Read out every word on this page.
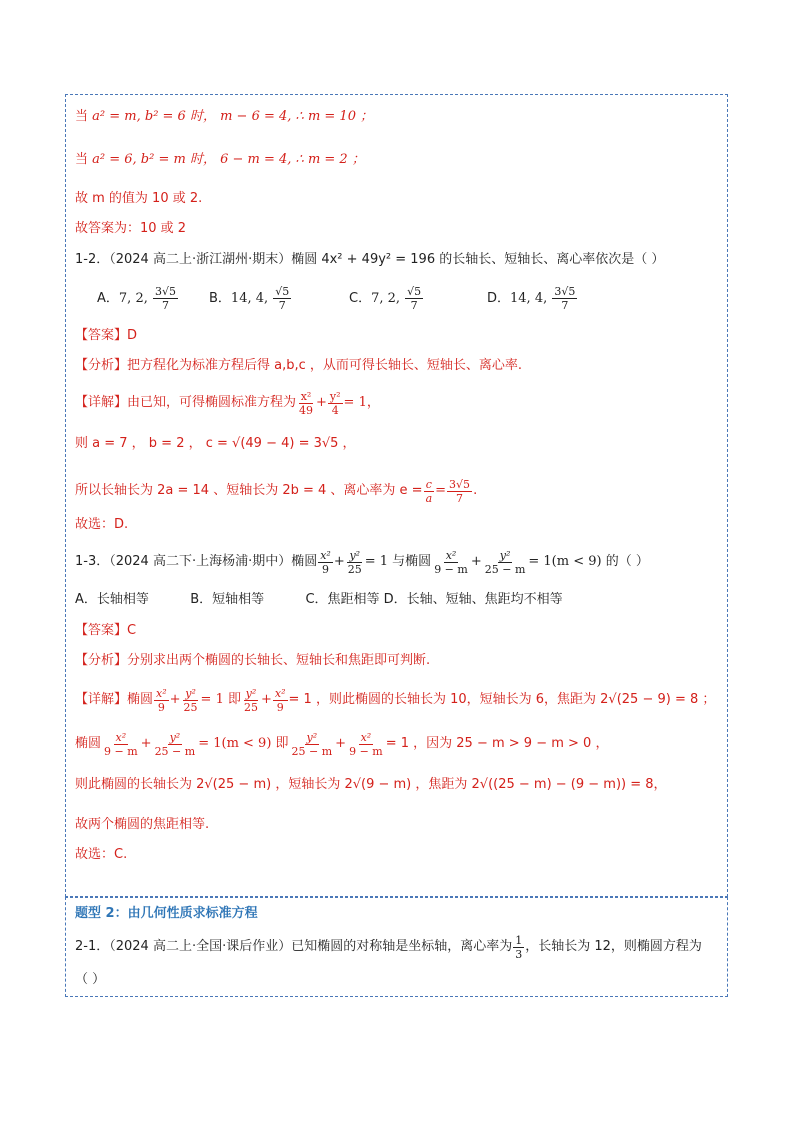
当 a² = m, b² = 6 时， m − 6 = 4, ∴ m = 10 ；
当 a² = 6, b² = m 时， 6 − m = 4, ∴ m = 2 ；
故 m 的值为 10 或 2.
故答案为：10 或 2
1-2．（2024 高二上·浙江湖州·期末）椭圆 4x² + 49y² = 196 的长轴长、短轴长、离心率依次是（ ）
A．7, 2, $\frac{3√5}{7}$ B．14, 4, $\frac{√5}{7}$	C．7, 2, $\frac{√5}{7}$	D．14, 4, $\frac{3√5}{7}$
【答案】D
【分析】把方程化为标准方程后得 a,b,c ，从而可得长轴长、短轴长、离心率.
【详解】由已知，可得椭圆标准方程为 $\frac{\text{x²}}{49} + \frac{\text{y²}}{4} = 1$，
则 a = 7 ， b = 2 ， c = √(49 − 4) = 3√5 ，
所以长轴长为 2a = 14 、短轴长为 2b = 4 、离心率为 $e = \frac{c}{a} = \frac{3√5}{7}$ .
故选：D.
1-3．（2024 高二下·上海杨浦·期中）椭圆 $\frac{\text{x²}}{9} + \frac{\text{y²}}{25} = 1$ 与椭圆 $\frac{\text{x²}}{9 - m} + \frac{\text{y²}}{25 - m} = 1(m < 9)$ 的（ ）
A．长轴相等          B．短轴相等          C．焦距相等 D．长轴、短轴、焦距均不相等
【答案】C
【分析】分别求出两个椭圆的长轴长、短轴长和焦距即可判断.
【详解】椭圆 $\frac{\text{x²}}{9} + \frac{\text{y²}}{25} = 1$ 即 $\frac{\text{y²}}{25} + \frac{\text{x²}}{9} = 1$ ，则此椭圆的长轴长为 10，短轴长为 6，焦距为 2√(25 − 9) = 8 ；
椭圆 $\frac{\text{x²}}{9 - m} + \frac{\text{y²}}{25 - m} = 1(m < 9)$ 即 $\frac{\text{y²}}{25 - m} + \frac{\text{x²}}{9 - m} = 1$ ，因为 25 − m > 9 − m > 0 ，
则此椭圆的长轴长为 2√(25 − m) ，短轴长为 2√(9 − m) ，焦距为 2√((25 − m) − (9 − m)) = 8，
故两个椭圆的焦距相等.
故选：C.
题型 2：由几何性质求标准方程
2-1．（2024 高二上·全国·课后作业）已知椭圆的对称轴是坐标轴，离心率为 $\frac{1}{3}$ ，长轴长为 12，则椭圆方程为
（ ）
